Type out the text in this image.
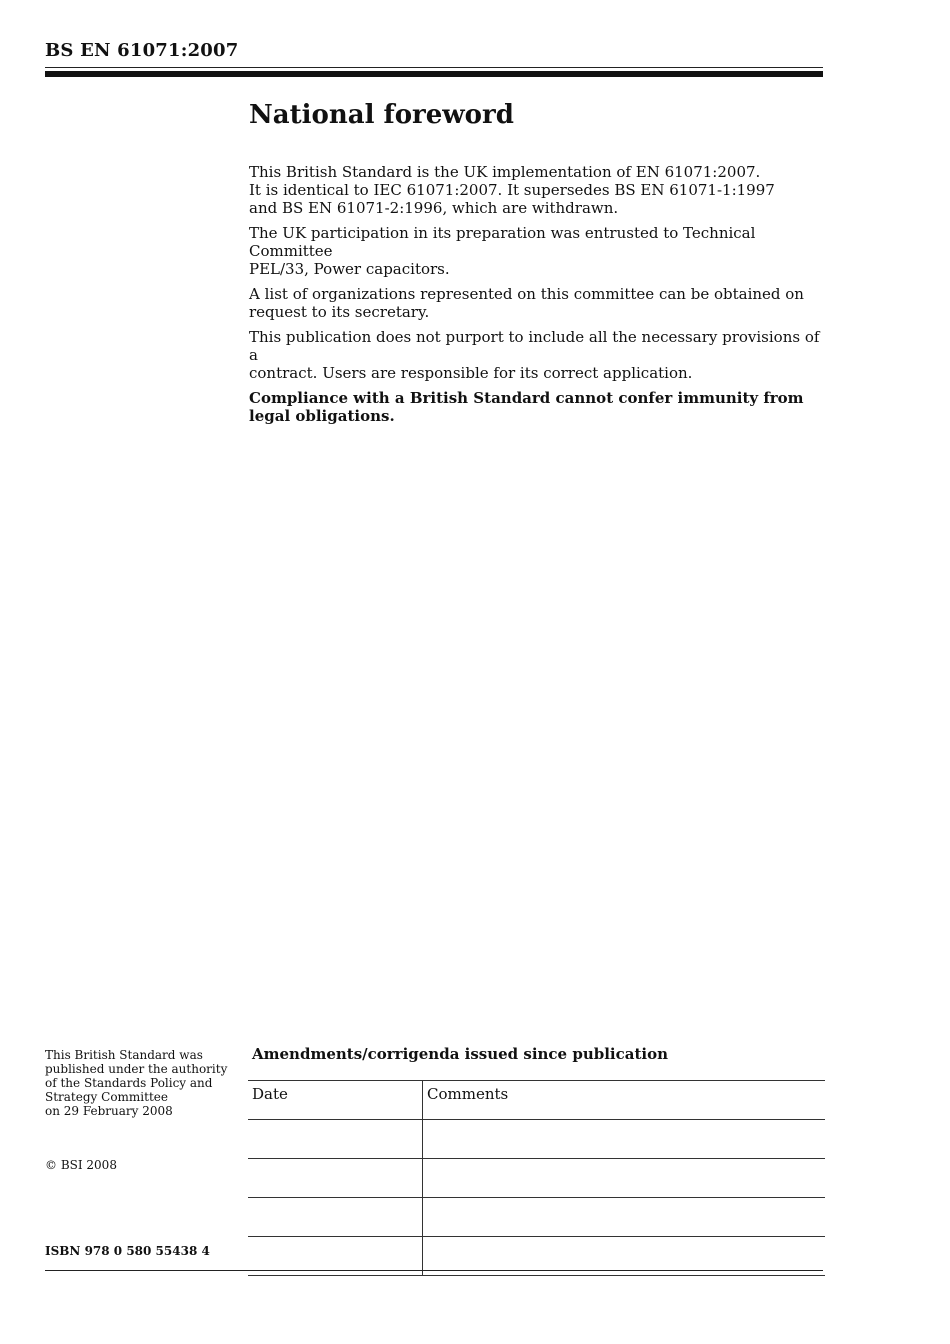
BS EN 61071:2007
National foreword

This British Standard is the UK implementation of EN 61071:2007.
It is identical to IEC 61071:2007. It supersedes BS EN 61071-1:1997
and BS EN 61071-2:1996, which are withdrawn.

The UK participation in its preparation was entrusted to Technical Committee
PEL/33, Power capacitors.

A list of organizations represented on this committee can be obtained on
request to its secretary.

This publication does not purport to include all the necessary provisions of a
contract. Users are responsible for its correct application.

Compliance with a British Standard cannot confer immunity from
legal obligations.

This British Standard was
published under the authority
of the Standards Policy and
Strategy Committee
on 29 February 2008
© BSI 2008
ISBN 978 0 580 55438 4
Amendments/corrigenda issued since publication
Date	Comments
